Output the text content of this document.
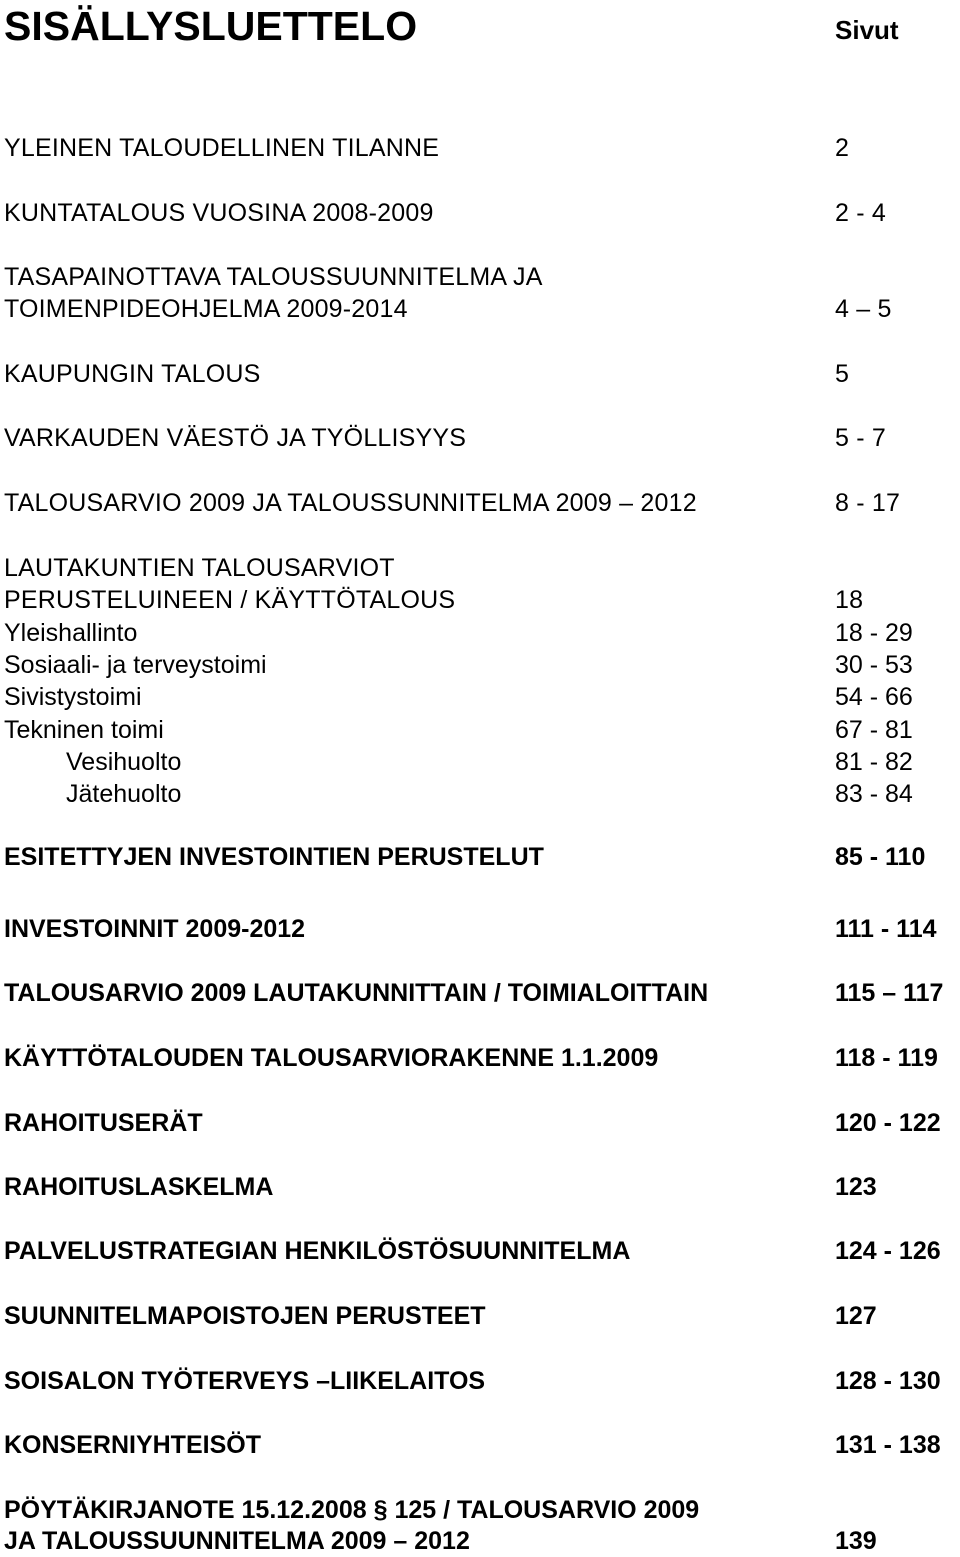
SISÄLLYSLUETTELO	Sivut
YLEINEN TALOUDELLINEN TILANNE	2
KUNTATALOUS VUOSINA 2008-2009	2 - 4
TASAPAINOTTAVA TALOUSSUUNNITELMA JA
TOIMENPIDEOHJELMA 2009-2014	4 – 5
KAUPUNGIN TALOUS	5
VARKAUDEN VÄESTÖ JA TYÖLLISYYS	5 - 7
TALOUSARVIO 2009 JA TALOUSSUNNITELMA 2009 – 2012	8 - 17
LAUTAKUNTIEN TALOUSARVIOT
PERUSTELUINEEN / KÄYTTÖTALOUS	18
Yleishallinto	18 - 29
Sosiaali- ja terveystoimi	30 - 53
Sivistystoimi	54 - 66
Tekninen toimi	67 - 81
Vesihuolto	81 - 82
Jätehuolto	83 - 84
ESITETTYJEN INVESTOINTIEN PERUSTELUT	85 - 110
INVESTOINNIT 2009-2012	111 - 114
TALOUSARVIO 2009 LAUTAKUNNITTAIN / TOIMIALOITTAIN	115 – 117
KÄYTTÖTALOUDEN TALOUSARVIORAKENNE 1.1.2009	118 - 119
RAHOITUSERÄT	120 - 122
RAHOITUSLASKELMA	123
PALVELUSTRATEGIAN HENKILÖSTÖSUUNNITELMA	124 - 126
SUUNNITELMAPOISTOJEN PERUSTEET	127
SOISALON TYÖTERVEYS –LIIKELAITOS	128 - 130
KONSERNIYHTEISÖT	131 - 138
PÖYTÄKIRJANOTE 15.12.2008 § 125 / TALOUSARVIO 2009
JA TALOUSSUUNNITELMA 2009 – 2012	139
